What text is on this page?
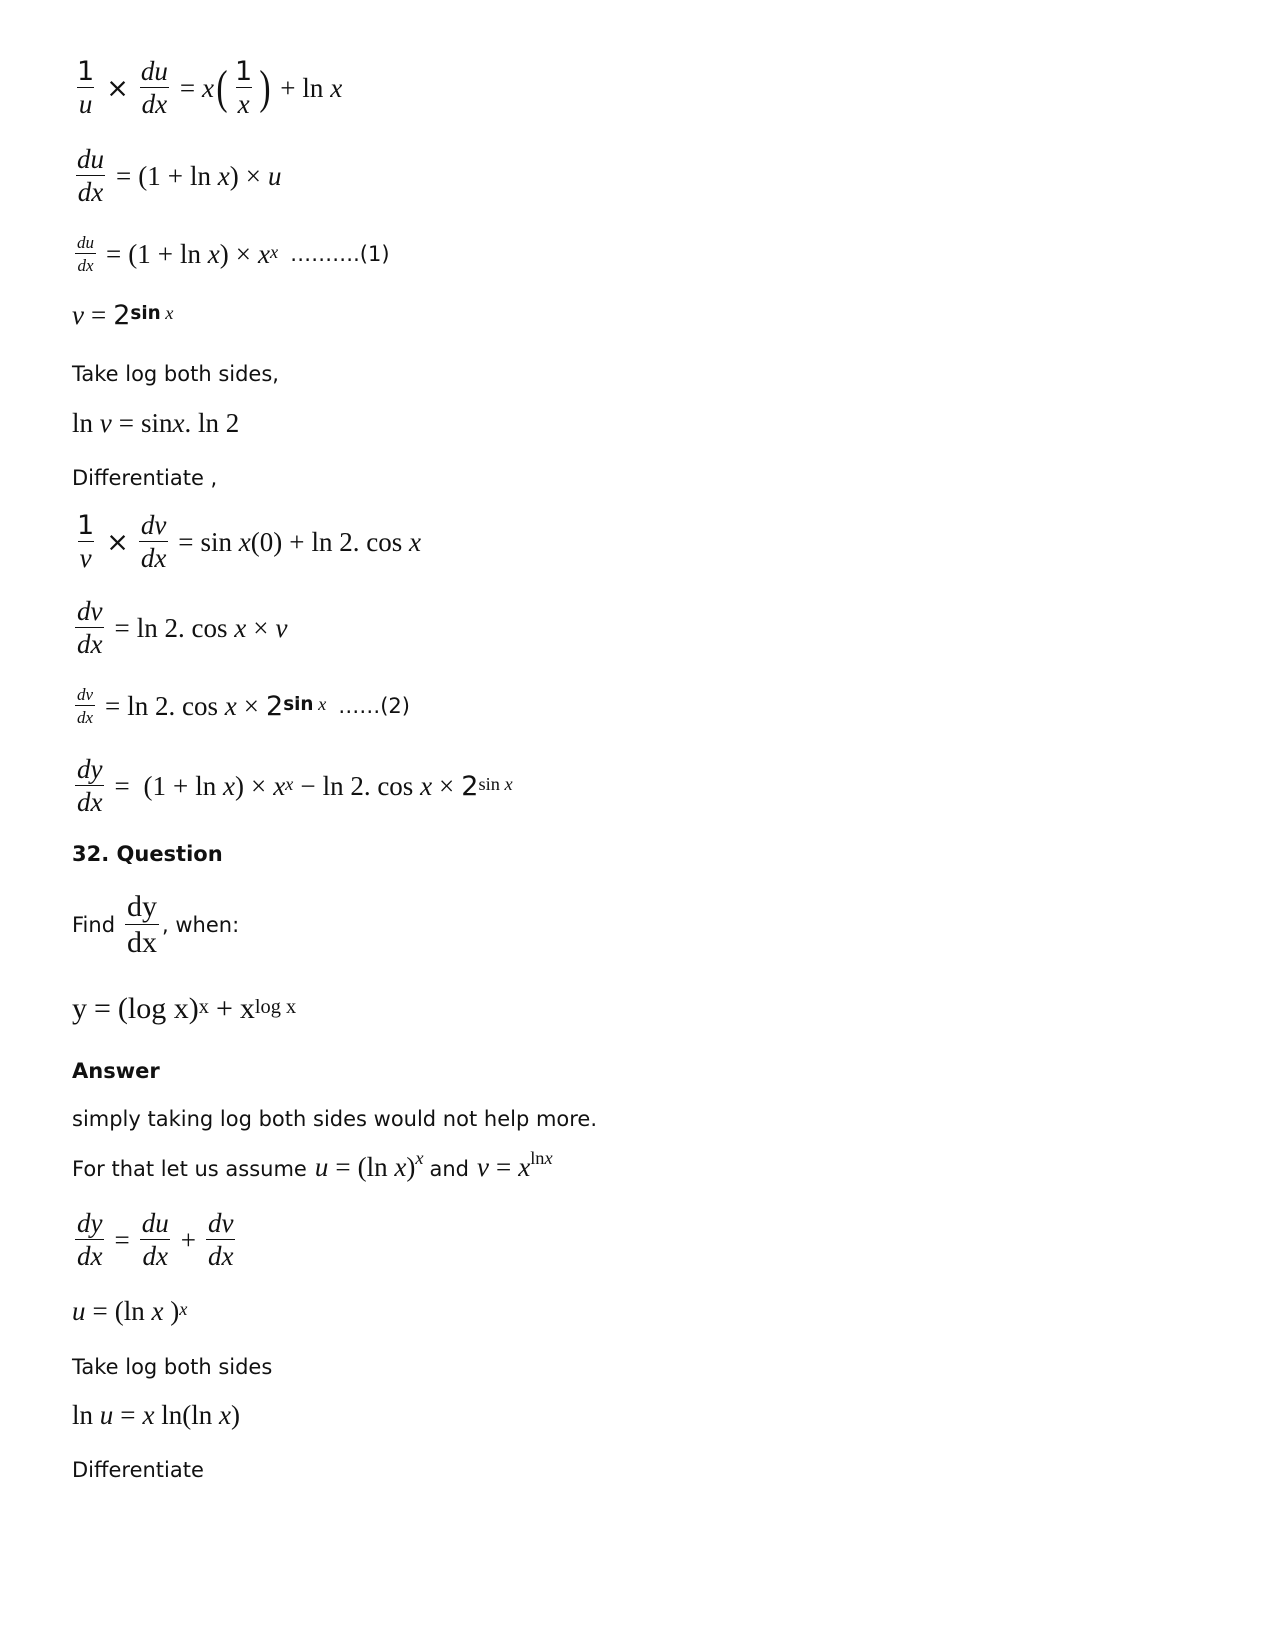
$\frac{1}{u} \times \frac{du}{dx} = x$ ( $\frac{1}{x}$ ) + ln x
$\frac{du}{dx} = (1 + \ln x$ ) × u
$\frac{du}{dx} = (1 + \ln x$ ) × x x ……….(1)
v = 2 sin x
Take log both sides,
ln v = sin x . ln 2
Differentiate ,
$\frac{1}{v} \times \frac{dv}{dx} = \sin x$ (0) + ln 2. cos x
$\frac{dv}{dx} = \ln 2$. cos x × v
$\frac{dv}{dx} = \ln 2$. cos x × 2 sin x ……(2)
$\frac{dy}{dx}$ =
(1 + ln x ) × x x − ln 2. cos x × 2 sin x
32. Question
Find $\frac{dy}{dx}$ , when:
y = (log x) x + x log x
Answer
simply taking log both sides would not help more.
For that let us assume u = (ln x)$^x$ and $v = x^{lnx}$
$\frac{dy}{dx} = \frac{du}{dx} + \frac{dv}{dx}$
u = (ln x ) x
Take log both sides
ln u = x ln(ln x )
Differentiate
